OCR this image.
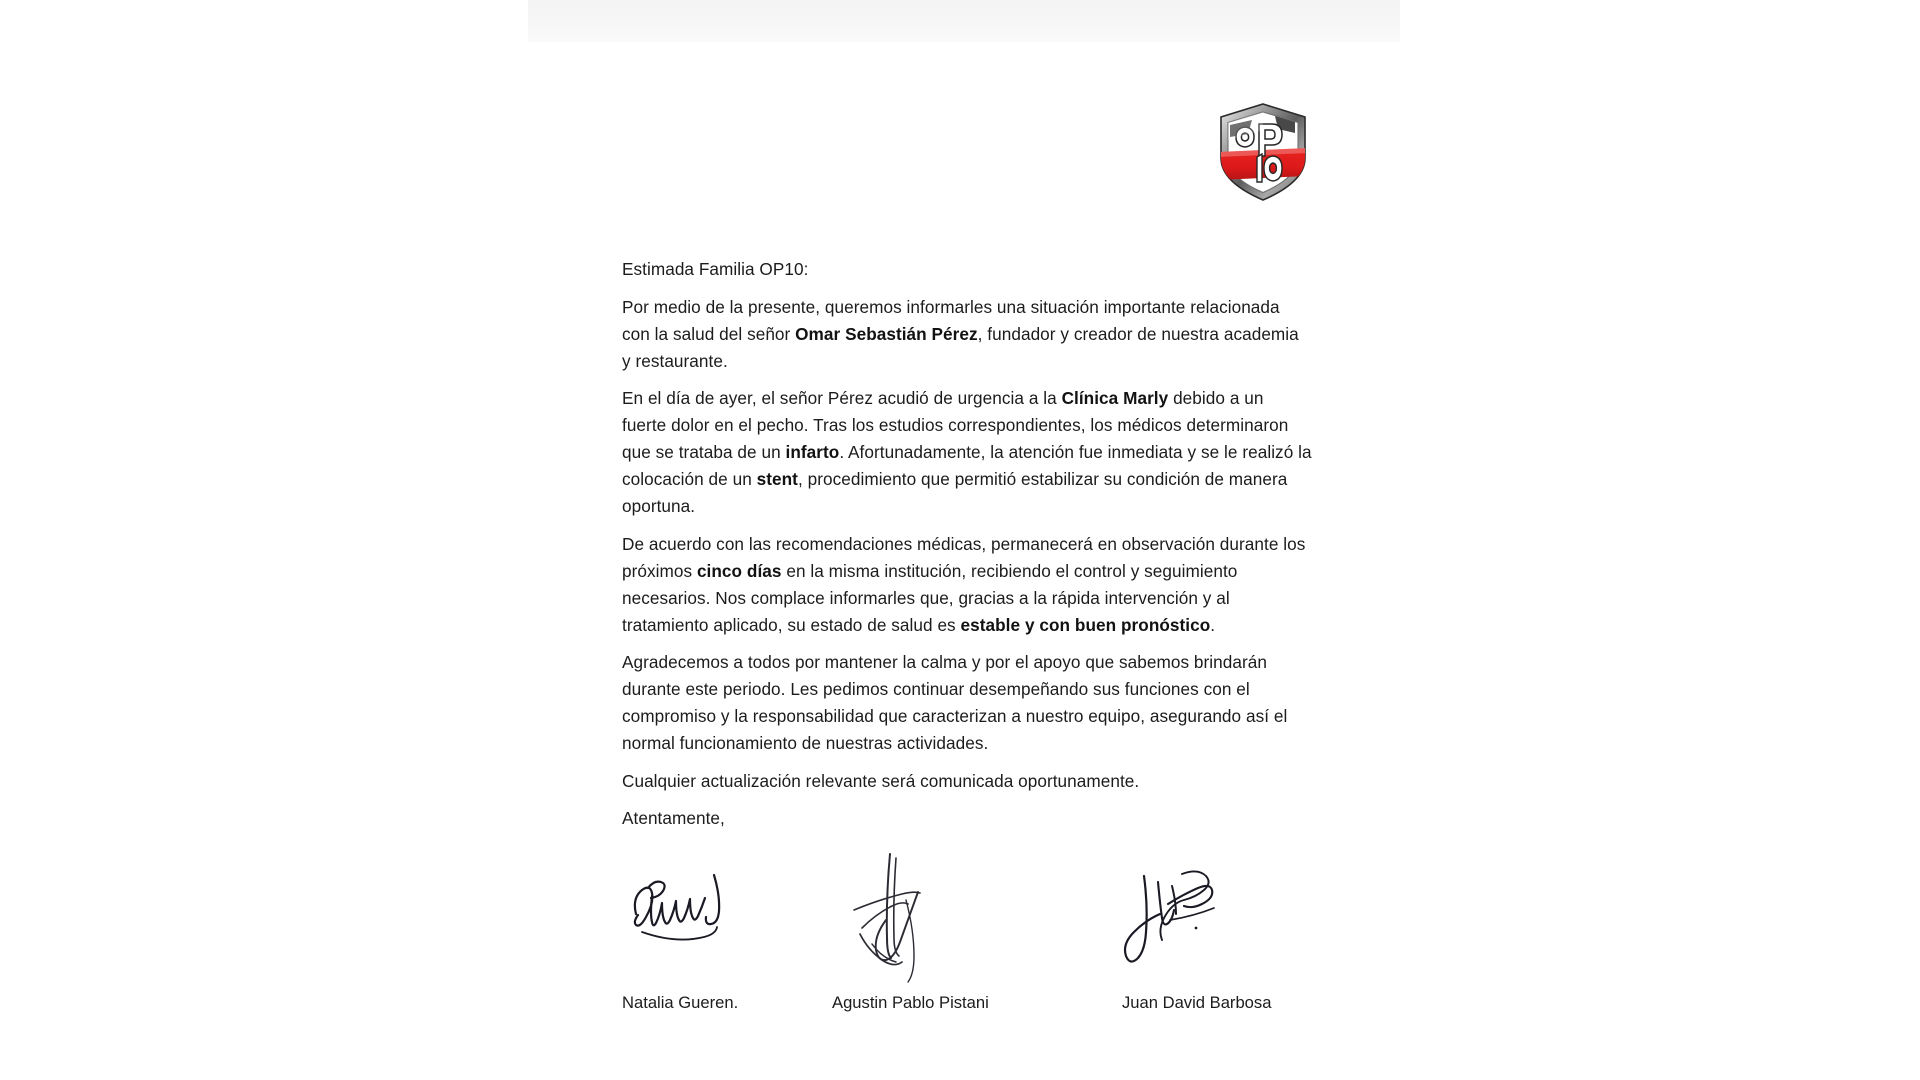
Estimada Familia OP10:

Por medio de la presente, queremos informarles una situación importante relacionada con la salud del señor Omar Sebastián Pérez, fundador y creador de nuestra academia y restaurante.

En el día de ayer, el señor Pérez acudió de urgencia a la Clínica Marly debido a un fuerte dolor en el pecho. Tras los estudios correspondientes, los médicos determinaron que se trataba de un infarto. Afortunadamente, la atención fue inmediata y se le realizó la colocación de un stent, procedimiento que permitió estabilizar su condición de manera oportuna.

De acuerdo con las recomendaciones médicas, permanecerá en observación durante los próximos cinco días en la misma institución, recibiendo el control y seguimiento necesarios. Nos complace informarles que, gracias a la rápida intervención y al tratamiento aplicado, su estado de salud es estable y con buen pronóstico.

Agradecemos a todos por mantener la calma y por el apoyo que sabemos brindarán durante este periodo. Les pedimos continuar desempeñando sus funciones con el compromiso y la responsabilidad que caracterizan a nuestro equipo, asegurando así el normal funcionamiento de nuestras actividades.

Cualquier actualización relevante será comunicada oportunamente.

Atentamente,

Natalia Gueren.	Agustin Pablo Pistani	Juan David Barbosa
